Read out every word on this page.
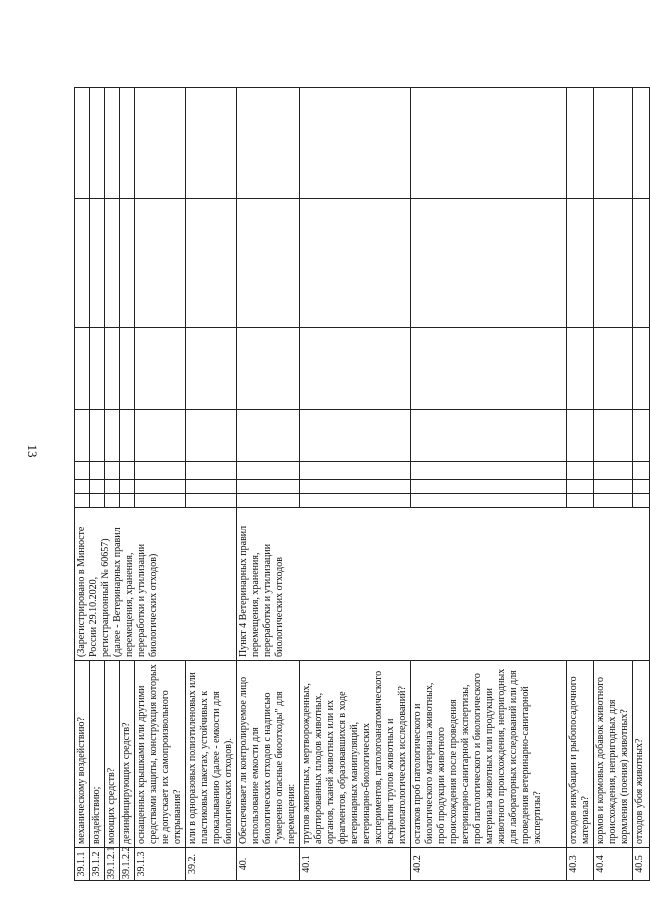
13
39.1.1	механическому воздействию?	(Зарегистрировано в Минюсте России 29.10.2020, регистрационный № 60657) (далее - Ветеринарных правил перемещения, хранения, переработки и утилизации биологических отходов)							
39.1.2	воздействию;								
39.1.2.1	моющих средств?								
39.1.2.2	дезинфицирующих средств?								
39.1.3	оснащенных крышками или другими средствами защиты, конструкция которых не допускает их самопроизвольного открывания?								
39.2.	или в одноразовых полиэтиленовых или пластиковых пакетах, устойчивых к прокалыванию (далее - емкости для биологических отходов).								
40.	Обеспечивает ли контролируемое лицо использование емкости для биологических отходов с надписью "умеренно опасные биоотходы" для перемещения:	Пункт 4 Ветеринарных правил перемещения, хранения, переработки и утилизации биологических отходов							
40.1	трупов животных, мертворожденных, абортированных плодов животных, органов, тканей животных или их фрагментов, образовавшихся в ходе ветеринарных манипуляций, ветеринарно-биологических экспериментов, патологоанатомического вскрытия трупов животных и ихтиопатологических исследований?								
40.2	остатков проб патологического и биологического материала животных, проб продукции животного происхождения после проведения ветеринарно-санитарной экспертизы, проб патологического и биологического материала животных или продукции животного происхождения, непригодных для лабораторных исследований или для проведения ветеринарно-санитарной экспертизы?								
40.3	отходов инкубации и рыбопосадочного материала?								
40.4	кормов и кормовых добавок животного происхождения, непригодных для кормления (поения) животных?								
40.5	отходов убоя животных?								
